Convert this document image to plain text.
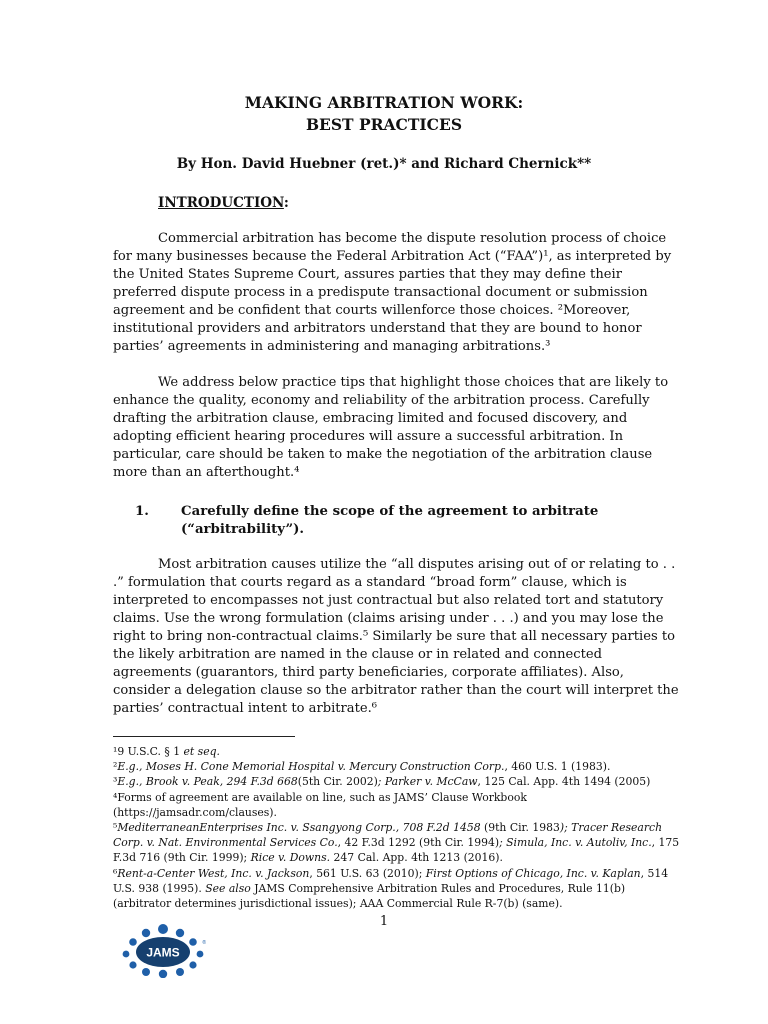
MAKING ARBITRATION WORK:
BEST PRACTICES
By Hon. David Huebner (ret.)* and Richard Chernick**
INTRODUCTION:
Commercial arbitration has become the dispute resolution process of choice
for many businesses because the Federal Arbitration Act (“FAA”)¹, as interpreted by
the United States Supreme Court, assures parties that they may define their
preferred dispute process in a predispute transactional document or submission
agreement and be confident that courts willenforce those choices. ²Moreover,
institutional providers and arbitrators understand that they are bound to honor
parties’ agreements in administering and managing arbitrations.³
We address below practice tips that highlight those choices that are likely to
enhance the quality, economy and reliability of the arbitration process. Carefully
drafting the arbitration clause, embracing limited and focused discovery, and
adopting efficient hearing procedures will assure a successful arbitration. In
particular, care should be taken to make the negotiation of the arbitration clause
more than an afterthought.⁴
1. Carefully define the scope of the agreement to arbitrate
(“arbitrability”).
Most arbitration causes utilize the “all disputes arising out of or relating to . .
.” formulation that courts regard as a standard “broad form” clause, which is
interpreted to encompasses not just contractual but also related tort and statutory
claims. Use the wrong formulation (claims arising under . . .) and you may lose the
right to bring non-contractual claims.⁵ Similarly be sure that all necessary parties to
the likely arbitration are named in the clause or in related and connected
agreements (guarantors, third party beneficiaries, corporate affiliates). Also,
consider a delegation clause so the arbitrator rather than the court will interpret the
parties’ contractual intent to arbitrate.⁶
¹9 U.S.C. § 1 et seq.
²E.g., Moses H. Cone Memorial Hospital v. Mercury Construction Corp., 460 U.S. 1 (1983).
³E.g., Brook v. Peak, 294 F.3d 668(5th Cir. 2002); Parker v. McCaw, 125 Cal. App. 4th 1494 (2005)
⁴Forms of agreement are available on line, such as JAMS’ Clause Workbook
(https://jamsadr.com/clauses).
⁵MediterraneanEnterprises Inc. v. Ssangyong Corp., 708 F.2d 1458 (9th Cir. 1983); Tracer Research
Corp. v. Nat. Environmental Services Co., 42 F.3d 1292 (9th Cir. 1994); Simula, Inc. v. Autoliv, Inc., 175
F.3d 716 (9th Cir. 1999); Rice v. Downs. 247 Cal. App. 4th 1213 (2016).
⁶Rent-a-Center West, Inc. v. Jackson, 561 U.S. 63 (2010); First Options of Chicago, Inc. v. Kaplan, 514
U.S. 938 (1995). See also JAMS Comprehensive Arbitration Rules and Procedures, Rule 11(b)
(arbitrator determines jurisdictional issues); AAA Commercial Rule R-7(b) (same).
1
JAMS
®
